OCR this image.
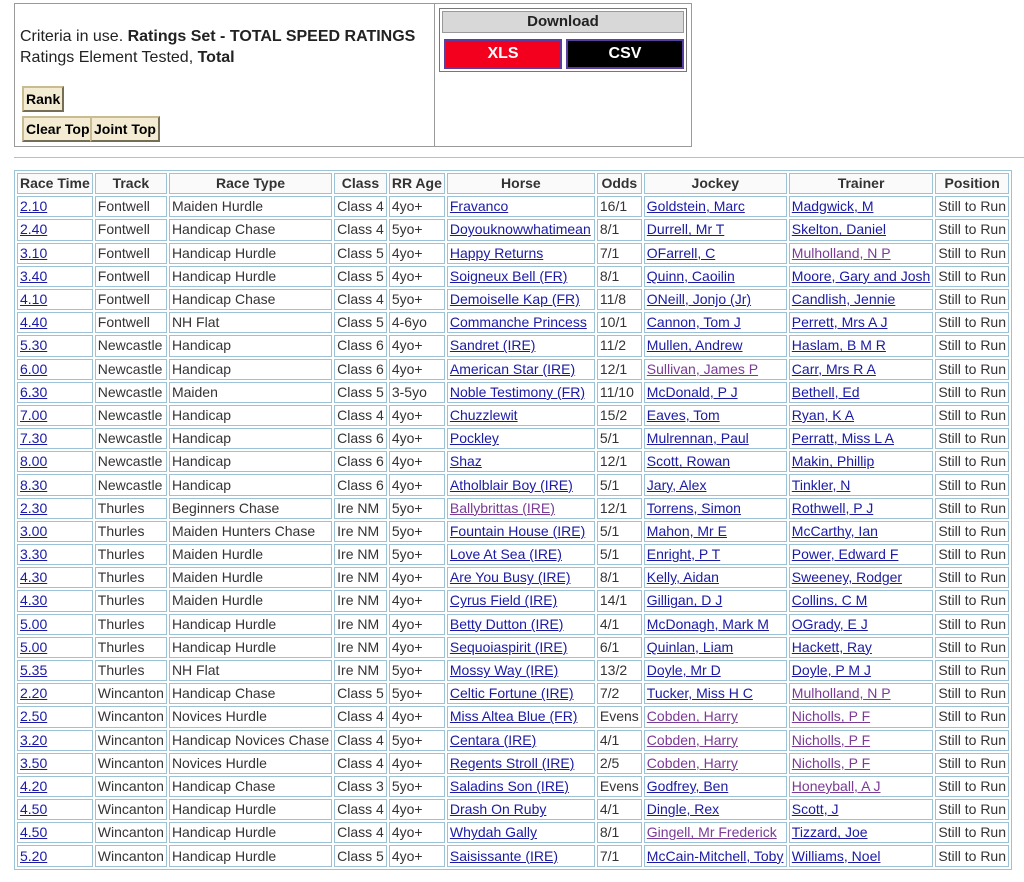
Criteria in use. Ratings Set - TOTAL SPEED RATINGS
Ratings Element Tested, Total
Rank
Clear Top Joint Top
Download
XLS	CSV
Race Time	Track	Race Type	Class	RR Age	Horse	Odds	Jockey	Trainer	Position
2.10	Fontwell	Maiden Hurdle	Class 4	4yo+	Fravanco	16/1	Goldstein, Marc	Madgwick, M	Still to Run
2.40	Fontwell	Handicap Chase	Class 4	5yo+	Doyouknowwhatimean	8/1	Durrell, Mr T	Skelton, Daniel	Still to Run
3.10	Fontwell	Handicap Hurdle	Class 5	4yo+	Happy Returns	7/1	OFarrell, C	Mulholland, N P	Still to Run
3.40	Fontwell	Handicap Hurdle	Class 5	4yo+	Soigneux Bell (FR)	8/1	Quinn, Caoilin	Moore, Gary and Josh	Still to Run
4.10	Fontwell	Handicap Chase	Class 4	5yo+	Demoiselle Kap (FR)	11/8	ONeill, Jonjo (Jr)	Candlish, Jennie	Still to Run
4.40	Fontwell	NH Flat	Class 5	4-6yo	Commanche Princess	10/1	Cannon, Tom J	Perrett, Mrs A J	Still to Run
5.30	Newcastle	Handicap	Class 6	4yo+	Sandret (IRE)	11/2	Mullen, Andrew	Haslam, B M R	Still to Run
6.00	Newcastle	Handicap	Class 6	4yo+	American Star (IRE)	12/1	Sullivan, James P	Carr, Mrs R A	Still to Run
6.30	Newcastle	Maiden	Class 5	3-5yo	Noble Testimony (FR)	11/10	McDonald, P J	Bethell, Ed	Still to Run
7.00	Newcastle	Handicap	Class 4	4yo+	Chuzzlewit	15/2	Eaves, Tom	Ryan, K A	Still to Run
7.30	Newcastle	Handicap	Class 6	4yo+	Pockley	5/1	Mulrennan, Paul	Perratt, Miss L A	Still to Run
8.00	Newcastle	Handicap	Class 6	4yo+	Shaz	12/1	Scott, Rowan	Makin, Phillip	Still to Run
8.30	Newcastle	Handicap	Class 6	4yo+	Atholblair Boy (IRE)	5/1	Jary, Alex	Tinkler, N	Still to Run
2.30	Thurles	Beginners Chase	Ire NM	5yo+	Ballybrittas (IRE)	12/1	Torrens, Simon	Rothwell, P J	Still to Run
3.00	Thurles	Maiden Hunters Chase	Ire NM	5yo+	Fountain House (IRE)	5/1	Mahon, Mr E	McCarthy, Ian	Still to Run
3.30	Thurles	Maiden Hurdle	Ire NM	5yo+	Love At Sea (IRE)	5/1	Enright, P T	Power, Edward F	Still to Run
4.30	Thurles	Maiden Hurdle	Ire NM	4yo+	Are You Busy (IRE)	8/1	Kelly, Aidan	Sweeney, Rodger	Still to Run
4.30	Thurles	Maiden Hurdle	Ire NM	4yo+	Cyrus Field (IRE)	14/1	Gilligan, D J	Collins, C M	Still to Run
5.00	Thurles	Handicap Hurdle	Ire NM	4yo+	Betty Dutton (IRE)	4/1	McDonagh, Mark M	OGrady, E J	Still to Run
5.00	Thurles	Handicap Hurdle	Ire NM	4yo+	Sequoiaspirit (IRE)	6/1	Quinlan, Liam	Hackett, Ray	Still to Run
5.35	Thurles	NH Flat	Ire NM	5yo+	Mossy Way (IRE)	13/2	Doyle, Mr D	Doyle, P M J	Still to Run
2.20	Wincanton	Handicap Chase	Class 5	5yo+	Celtic Fortune (IRE)	7/2	Tucker, Miss H C	Mulholland, N P	Still to Run
2.50	Wincanton	Novices Hurdle	Class 4	4yo+	Miss Altea Blue (FR)	Evens	Cobden, Harry	Nicholls, P F	Still to Run
3.20	Wincanton	Handicap Novices Chase	Class 4	5yo+	Centara (IRE)	4/1	Cobden, Harry	Nicholls, P F	Still to Run
3.50	Wincanton	Novices Hurdle	Class 4	4yo+	Regents Stroll (IRE)	2/5	Cobden, Harry	Nicholls, P F	Still to Run
4.20	Wincanton	Handicap Chase	Class 3	5yo+	Saladins Son (IRE)	Evens	Godfrey, Ben	Honeyball, A J	Still to Run
4.50	Wincanton	Handicap Hurdle	Class 4	4yo+	Drash On Ruby	4/1	Dingle, Rex	Scott, J	Still to Run
4.50	Wincanton	Handicap Hurdle	Class 4	4yo+	Whydah Gally	8/1	Gingell, Mr Frederick	Tizzard, Joe	Still to Run
5.20	Wincanton	Handicap Hurdle	Class 5	4yo+	Saisissante (IRE)	7/1	McCain-Mitchell, Toby	Williams, Noel	Still to Run
